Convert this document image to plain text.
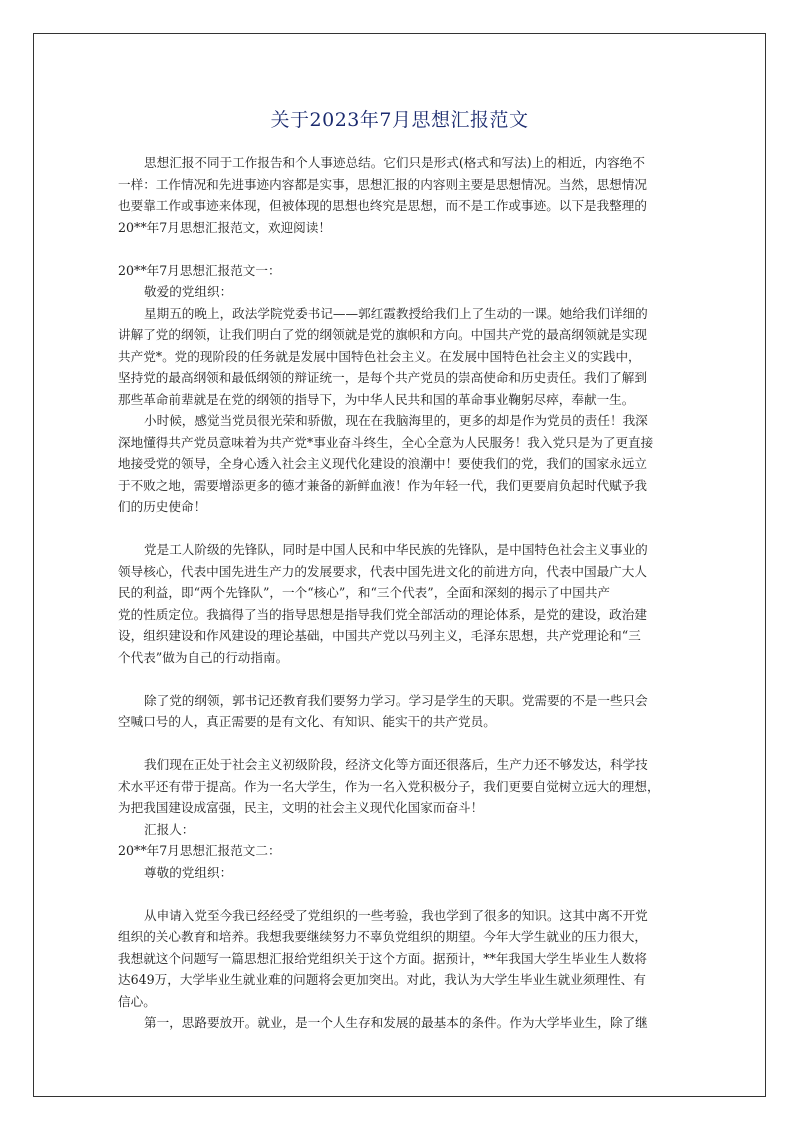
关于2023年7月思想汇报范文
思想汇报不同于工作报告和个人事迹总结。它们只是形式(格式和写法)上的相近，内容绝不
一样：工作情况和先进事迹内容都是实事，思想汇报的内容则主要是思想情况。当然，思想情况
也要靠工作或事迹来体现，但被体现的思想也终究是思想，而不是工作或事迹。以下是我整理的
20**年7月思想汇报范文，欢迎阅读！
20**年7月思想汇报范文一：
敬爱的党组织：
星期五的晚上，政法学院党委书记——郭红霞教授给我们上了生动的一课。她给我们详细的
讲解了党的纲领，让我们明白了党的纲领就是党的旗帜和方向。中国共产党的最高纲领就是实现
共产党*。党的现阶段的任务就是发展中国特色社会主义。在发展中国特色社会主义的实践中，
坚持党的最高纲领和最低纲领的辩证统一，是每个共产党员的崇高使命和历史责任。我们了解到
那些革命前辈就是在党的纲领的指导下，为中华人民共和国的革命事业鞠躬尽瘁，奉献一生。
小时候，感觉当党员很光荣和骄傲，现在在我脑海里的，更多的却是作为党员的责任！我深
深地懂得共产党员意味着为共产党*事业奋斗终生，全心全意为人民服务！我入党只是为了更直接
地接受党的领导，全身心透入社会主义现代化建设的浪潮中！要使我们的党，我们的国家永远立
于不败之地，需要增添更多的德才兼备的新鲜血液！作为年轻一代，我们更要肩负起时代赋予我
们的历史使命！
党是工人阶级的先锋队，同时是中国人民和中华民族的先锋队，是中国特色社会主义事业的
领导核心，代表中国先进生产力的发展要求，代表中国先进文化的前进方向，代表中国最广大人
民的利益，即“两个先锋队”，一个“核心”，和“三个代表”，全面和深刻的揭示了中国共产
党的性质定位。我搞得了当的指导思想是指导我们党全部活动的理论体系，是党的建设，政治建
设，组织建设和作风建设的理论基础，中国共产党以马列主义，毛泽东思想，共产党理论和“三
个代表”做为自己的行动指南。
除了党的纲领，郭书记还教育我们要努力学习。学习是学生的天职。党需要的不是一些只会
空喊口号的人，真正需要的是有文化、有知识、能实干的共产党员。
我们现在正处于社会主义初级阶段，经济文化等方面还很落后，生产力还不够发达，科学技
术水平还有带于提高。作为一名大学生，作为一名入党积极分子，我们更要自觉树立远大的理想，
为把我国建设成富强，民主，文明的社会主义现代化国家而奋斗！
汇报人：
20**年7月思想汇报范文二：
尊敬的党组织：
从申请入党至今我已经经受了党组织的一些考验，我也学到了很多的知识。这其中离不开党
组织的关心教育和培养。我想我要继续努力不辜负党组织的期望。今年大学生就业的压力很大，
我想就这个问题写一篇思想汇报给党组织关于这个方面。据预计，**年我国大学生毕业生人数将
达649万，大学毕业生就业难的问题将会更加突出。对此，我认为大学生毕业生就业须理性、有
信心。
第一，思路要放开。就业，是一个人生存和发展的最基本的条件。作为大学毕业生，除了继
